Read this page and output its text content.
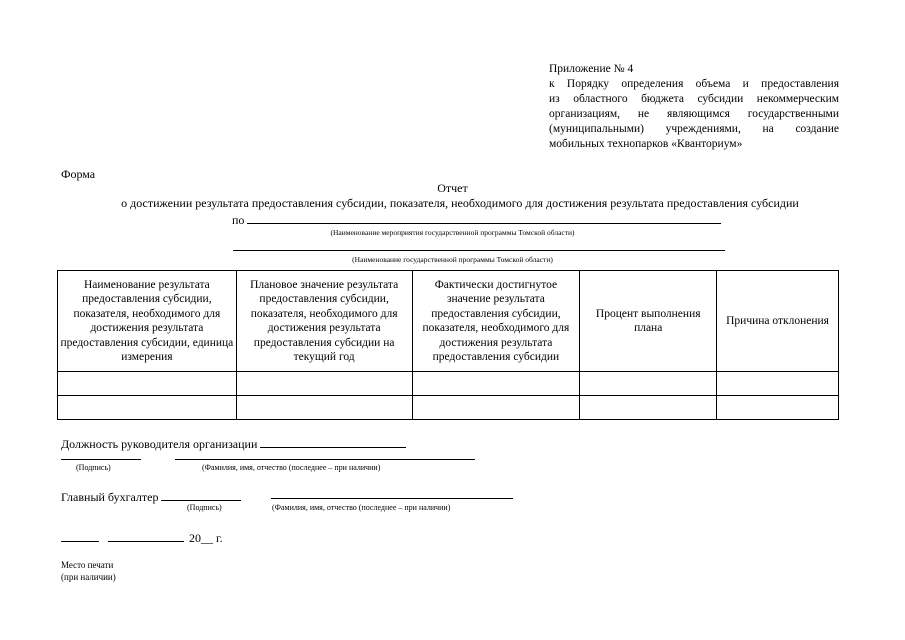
Приложение № 4
к Порядку определения объема и предоставления
из областного бюджета субсидии некоммерческим
организациям, не являющимся государственными
(муниципальными) учреждениями, на создание
мобильных технопарков «Кванториум»
Форма
Отчет
о достижении результата предоставления субсидии, показателя, необходимого для достижения результата предоставления субсидии
по
(Наименование мероприятия государственной программы Томской области)
(Наименование государственной программы Томской области)
Наименование результата предоставления субсидии, показателя, необходимого для достижения результата предоставления субсидии, единица измерения	Плановое значение результата предоставления субсидии, показателя, необходимого для достижения результата предоставления субсидии на текущий год	Фактически достигнутое значение результата предоставления субсидии, показателя, необходимого для достижения результата предоставления субсидии	Процент выполнения плана	Причина отклонения

Должность руководителя организации
(Подпись)	(Фамилия, имя, отчество (последнее – при наличии)
Главный бухгалтер
(Подпись)	(Фамилия, имя, отчество (последнее – при наличии)
20__ г.
Место печати
(при наличии)
